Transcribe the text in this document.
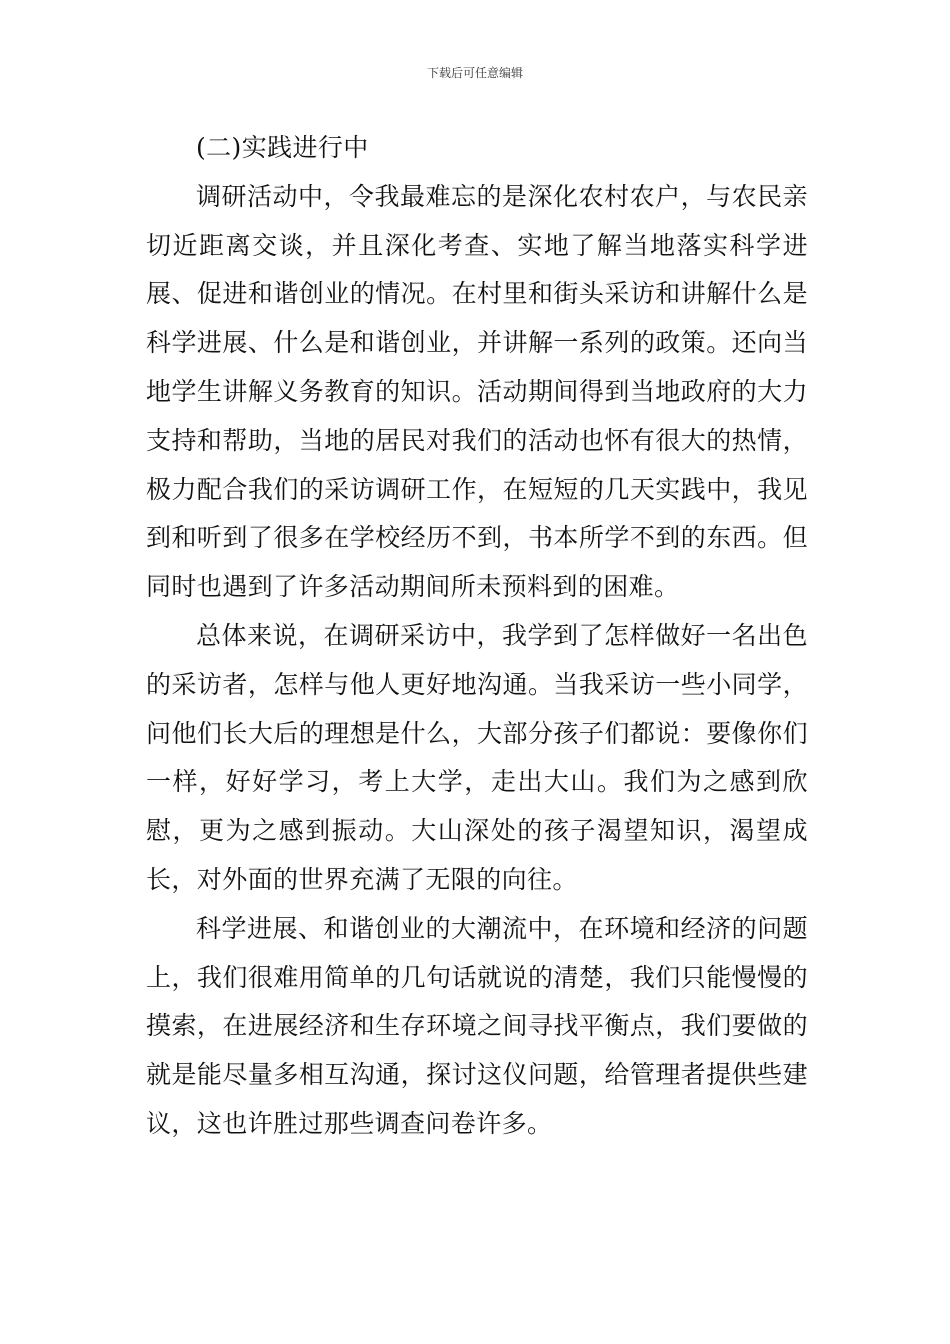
下载后可任意编辑

(二)实践进行中

调研活动中，令我最难忘的是深化农村农户，与农民亲切近距离交谈，并且深化考查、实地了解当地落实科学进展、促进和谐创业的情况。在村里和街头采访和讲解什么是科学进展、什么是和谐创业，并讲解一系列的政策。还向当地学生讲解义务教育的知识。活动期间得到当地政府的大力支持和帮助，当地的居民对我们的活动也怀有很大的热情，极力配合我们的采访调研工作，在短短的几天实践中，我见到和听到了很多在学校经历不到，书本所学不到的东西。但同时也遇到了许多活动期间所未预料到的困难。

总体来说，在调研采访中，我学到了怎样做好一名出色的采访者，怎样与他人更好地沟通。当我采访一些小同学，问他们长大后的理想是什么，大部分孩子们都说：要像你们一样，好好学习，考上大学，走出大山。我们为之感到欣慰，更为之感到振动。大山深处的孩子渴望知识，渴望成长，对外面的世界充满了无限的向往。

科学进展、和谐创业的大潮流中，在环境和经济的问题上，我们很难用简单的几句话就说的清楚，我们只能慢慢的摸索，在进展经济和生存环境之间寻找平衡点，我们要做的就是能尽量多相互沟通，探讨这仪问题，给管理者提供些建议，这也许胜过那些调查问卷许多。
